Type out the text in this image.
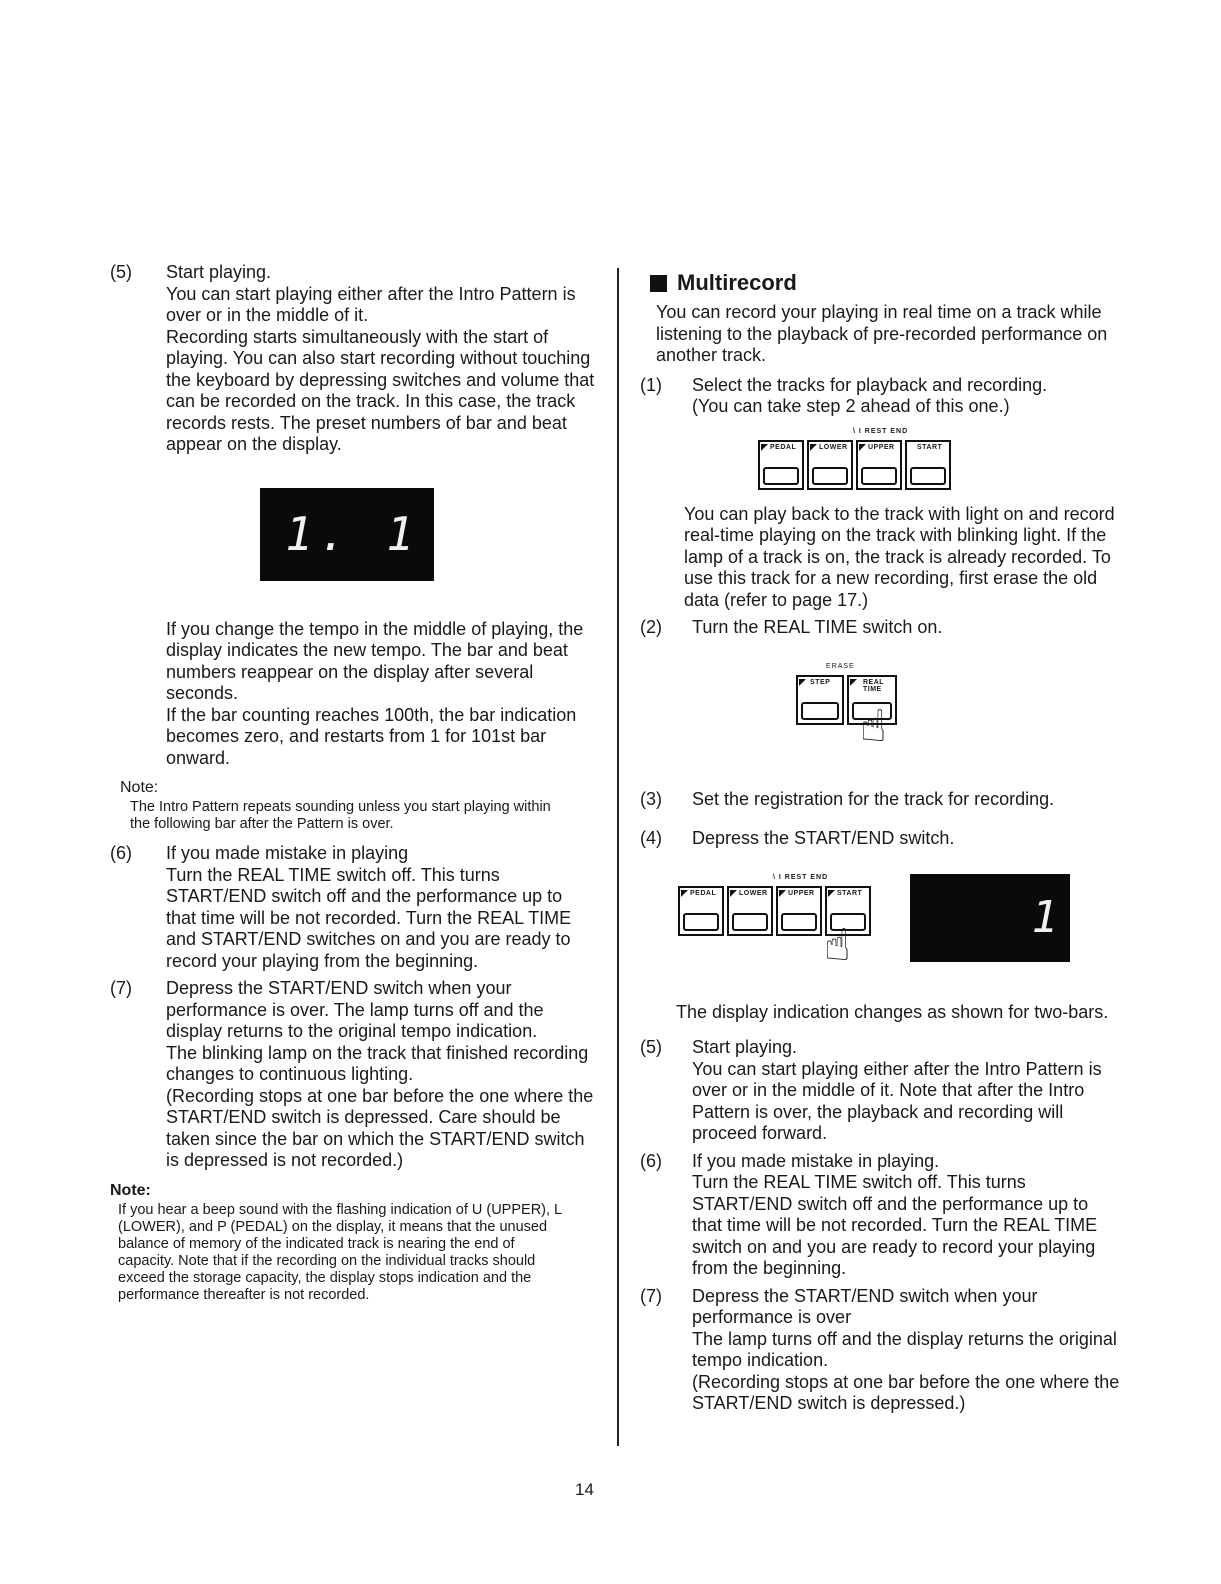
(5) Start playing.

You can start playing either after the Intro Pattern is over or in the middle of it.

Recording starts simultaneously with the start of playing. You can also start recording without touching the keyboard by depressing switches and volume that can be recorded on the track. In this case, the track records rests. The preset numbers of bar and beat appear on the display.

1. 1

If you change the tempo in the middle of playing, the display indicates the new tempo. The bar and beat numbers reappear on the display after several seconds.

If the bar counting reaches 100th, the bar indication becomes zero, and restarts from 1 for 101st bar onward.

Note:
The Intro Pattern repeats sounding unless you start playing within the following bar after the Pattern is over.
(6) If you made mistake in playing

Turn the REAL TIME switch off. This turns START/END switch off and the performance up to that time will be not recorded. Turn the REAL TIME and START/END switches on and you are ready to record your playing from the beginning.

(7) Depress the START/END switch when your performance is over. The lamp turns off and the display returns to the original tempo indication.

The blinking lamp on the track that finished recording changes to continuous lighting.

(Recording stops at one bar before the one where the START/END switch is depressed. Care should be taken since the bar on which the START/END switch is depressed is not recorded.)

Note:
If you hear a beep sound with the flashing indication of U (UPPER), L (LOWER), and P (PEDAL) on the display, it means that the unused balance of memory of the indicated track is nearing the end of capacity. Note that if the recording on the individual tracks should exceed the storage capacity, the display stops indication and the performance thereafter is not recorded.
Multirecord

You can record your playing in real time on a track while listening to the playback of pre-recorded performance on another track.

(1) Select the tracks for playback and recording.

(You can take step 2 ahead of this one.)

\ I REST END
PEDAL	LOWER	UPPER	START

You can play back to the track with light on and record real-time playing on the track with blinking light. If the lamp of a track is on, the track is already recorded. To use this track for a new recording, first erase the old data (refer to page 17.)

(2) Turn the REAL TIME switch on.

ERASE
STEP	REAL TIME
☝
(3) Set the registration for the track for recording.

(4) Depress the START/END switch.

\ I REST END
PEDAL	LOWER	UPPER	START
☝
1

The display indication changes as shown for two-bars.

(5) Start playing.

You can start playing either after the Intro Pattern is over or in the middle of it. Note that after the Intro Pattern is over, the playback and recording will proceed forward.

(6) If you made mistake in playing.

Turn the REAL TIME switch off. This turns START/END switch off and the performance up to that time will be not recorded. Turn the REAL TIME switch on and you are ready to record your playing from the beginning.

(7) Depress the START/END switch when your performance is over

The lamp turns off and the display returns the original tempo indication.

(Recording stops at one bar before the one where the START/END switch is depressed.)

14
